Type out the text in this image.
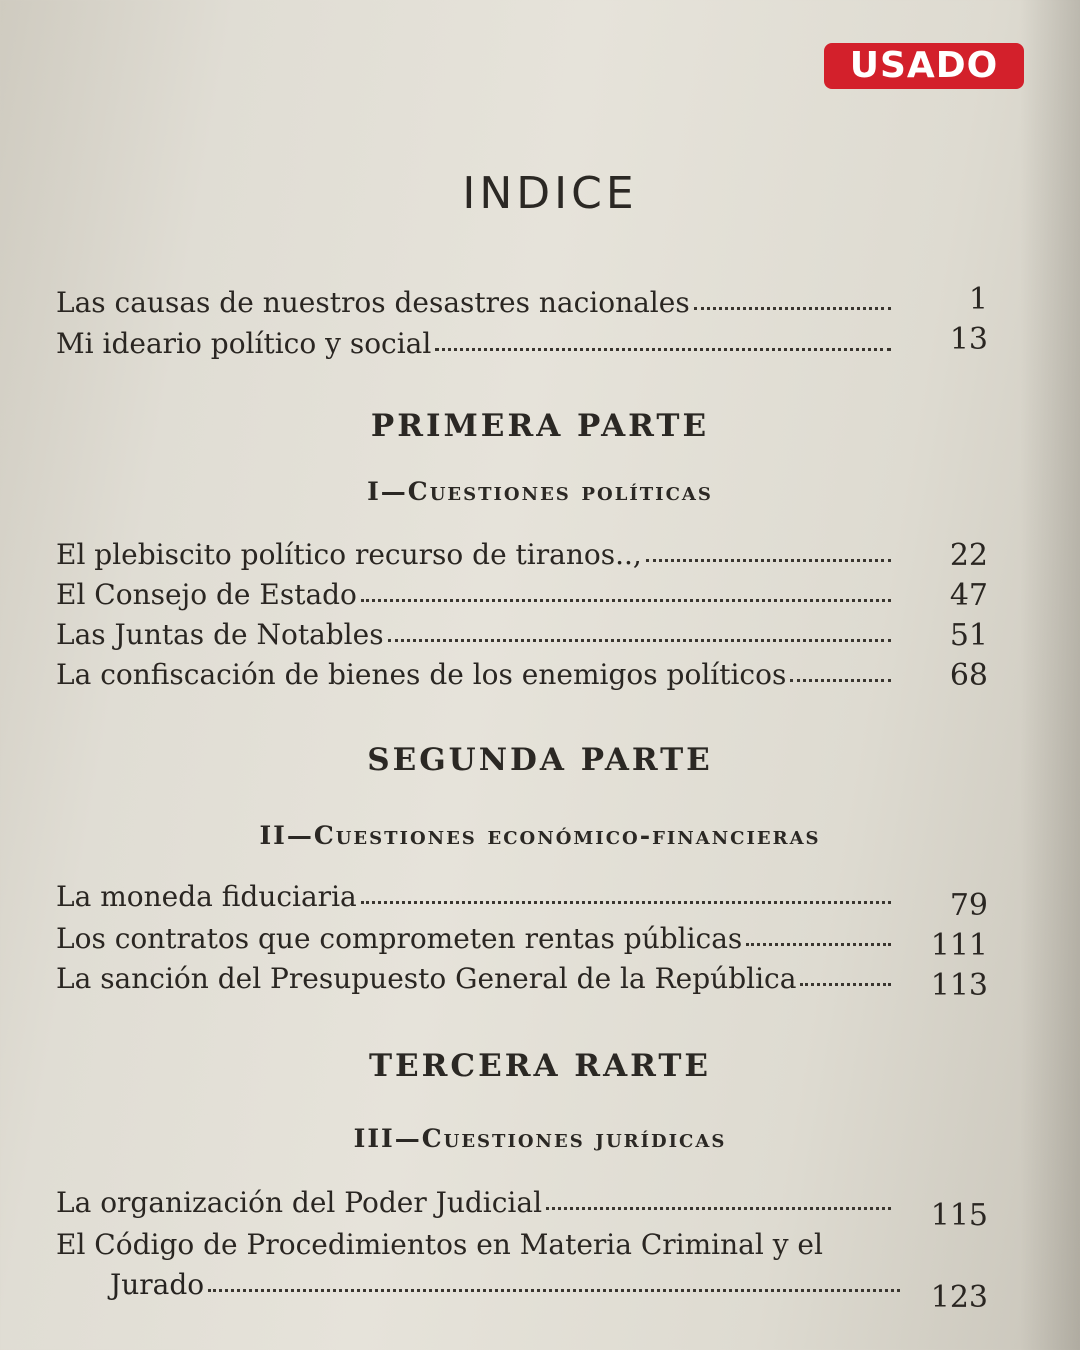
USADO
INDICE
Las causas de nuestros desastres nacionales	1
Mi ideario político y social	13
PRIMERA PARTE
I—Cuestiones políticas
El plebiscito político recurso de tiranos..,	22
El Consejo de Estado	47
Las Juntas de Notables	51
La confiscación de bienes de los enemigos políticos	68
SEGUNDA PARTE
II—Cuestiones económico-financieras
La moneda fiduciaria	79
Los contratos que comprometen rentas públicas	111
La sanción del Presupuesto General de la República	113
TERCERA RARTE
III—Cuestiones jurídicas
La organización del Poder Judicial	115
El Código de Procedimientos en Materia Criminal y el
Jurado	123
